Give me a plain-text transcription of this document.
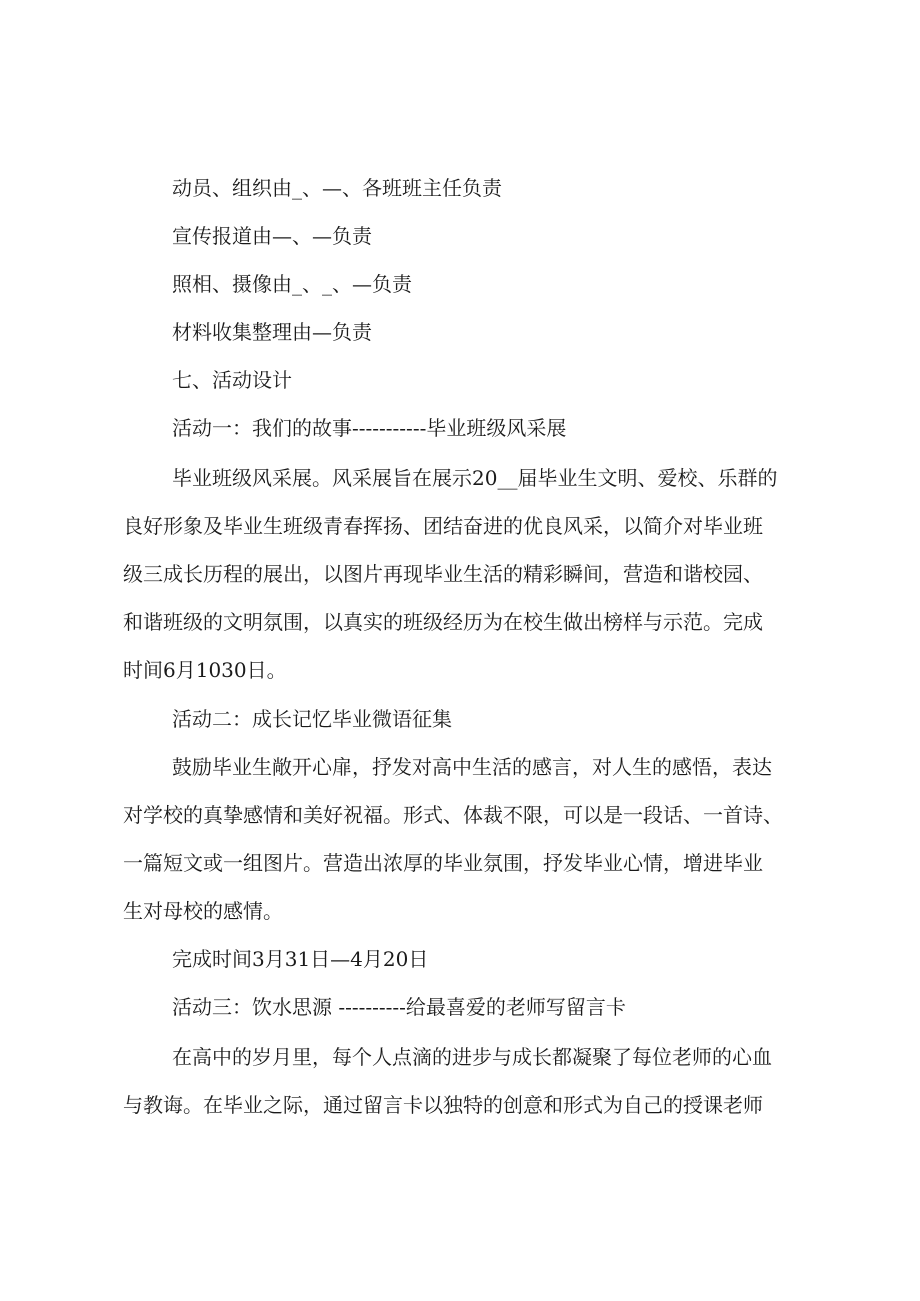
动员、组织由_、—、各班班主任负责
宣传报道由—、—负责
照相、摄像由_、_、—负责
材料收集整理由—负责
七、活动设计
活动一：我们的故事-----------毕业班级风采展
毕业班级风采展。风采展旨在展示20__届毕业生文明、爱校、乐群的
良好形象及毕业生班级青春挥扬、团结奋进的优良风采，以简介对毕业班
级三成长历程的展出，以图片再现毕业生活的精彩瞬间，营造和谐校园、
和谐班级的文明氛围，以真实的班级经历为在校生做出榜样与示范。完成
时间6月1030日。
活动二：成长记忆毕业微语征集
鼓励毕业生敞开心扉，抒发对高中生活的感言，对人生的感悟，表达
对学校的真挚感情和美好祝福。形式、体裁不限，可以是一段话、一首诗、
一篇短文或一组图片。营造出浓厚的毕业氛围，抒发毕业心情，增进毕业
生对母校的感情。
完成时间3月31日—4月20日
活动三：饮水思源 ----------给最喜爱的老师写留言卡
在高中的岁月里，每个人点滴的进步与成长都凝聚了每位老师的心血
与教诲。在毕业之际，通过留言卡以独特的创意和形式为自己的授课老师
